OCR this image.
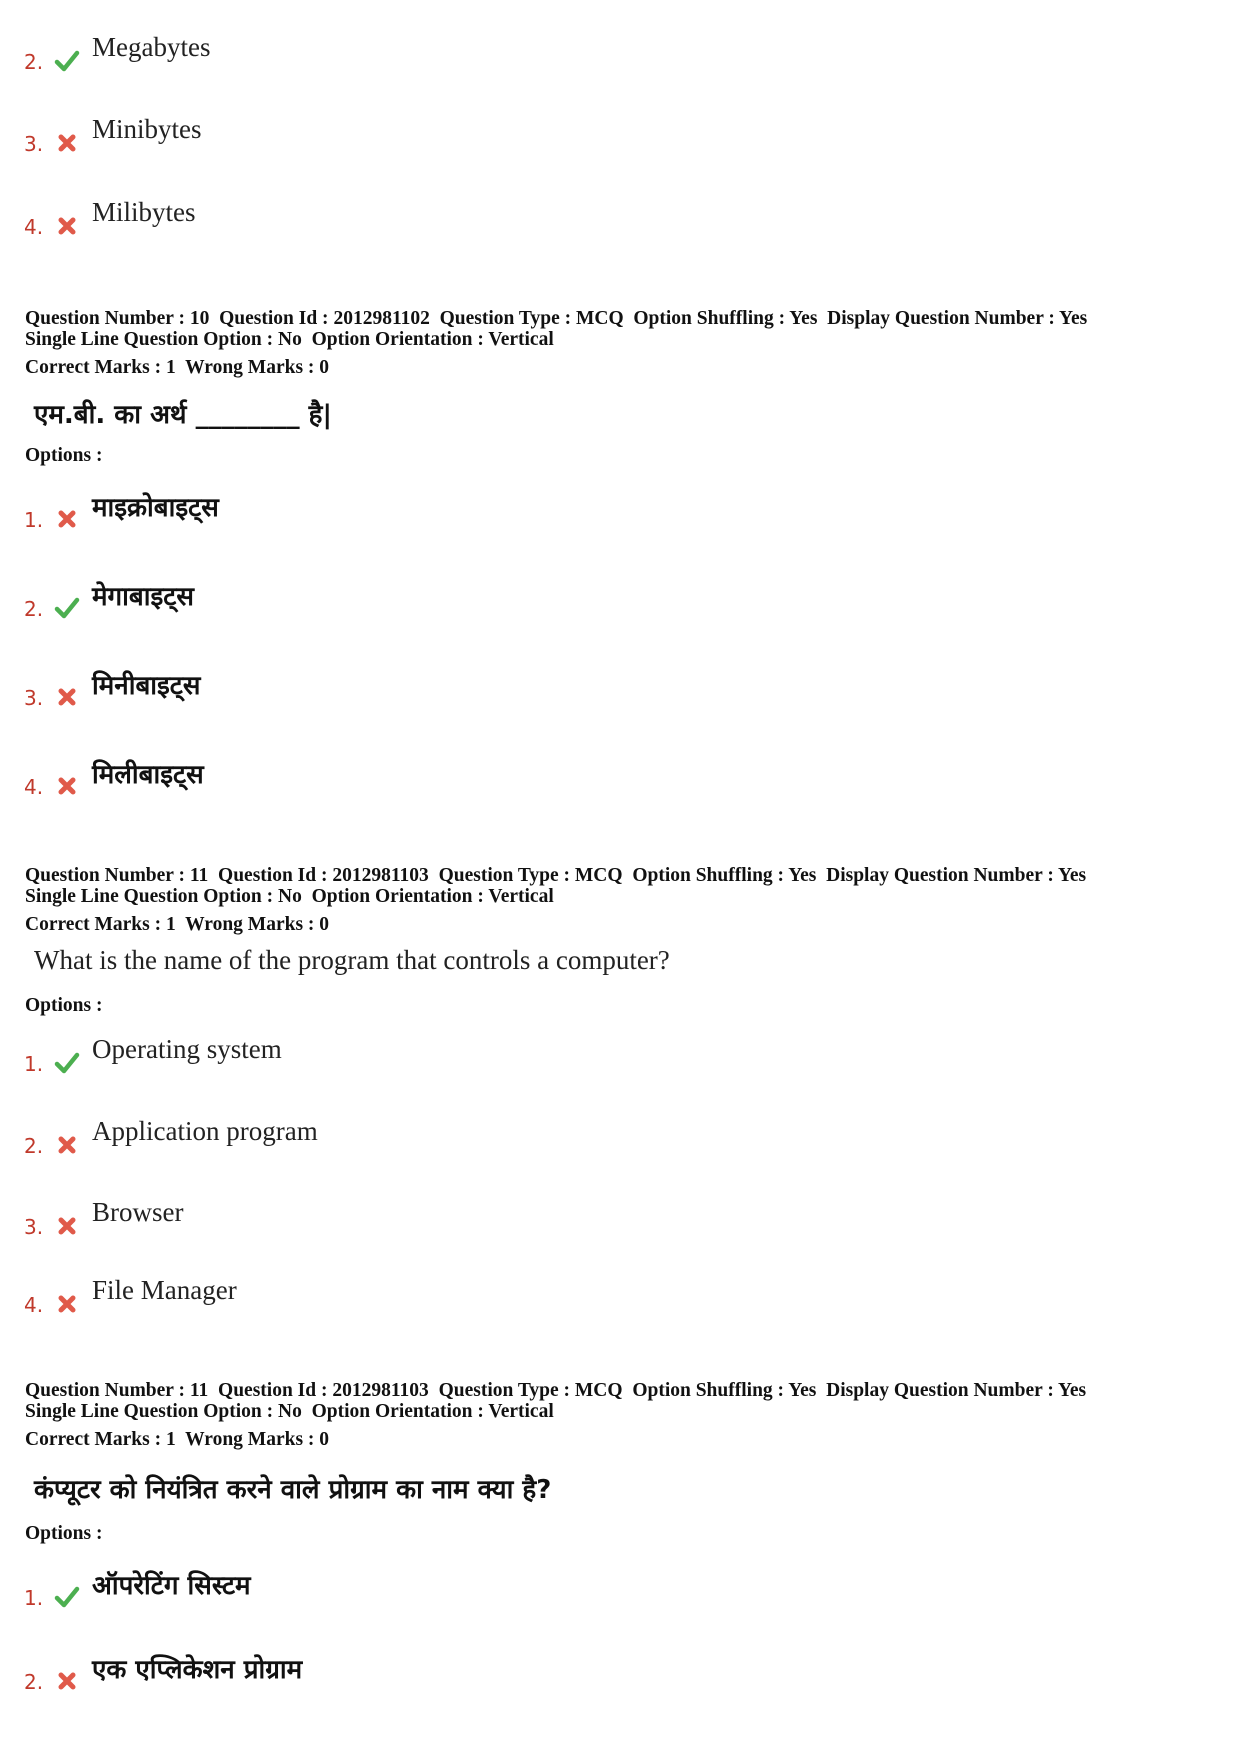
2. Megabytes
3. Minibytes
4. Milibytes
Question Number : 10 Question Id : 2012981102 Question Type : MCQ Option Shuffling : Yes Display Question Number : Yes
Single Line Question Option : No Option Orientation : Vertical
Correct Marks : 1 Wrong Marks : 0
एम.बी. का अर्थ ________ है|
Options :
1. माइक्रोबाइट्स
2. मेगाबाइट्स
3. मिनीबाइट्स
4. मिलीबाइट्स
Question Number : 11 Question Id : 2012981103 Question Type : MCQ Option Shuffling : Yes Display Question Number : Yes
Single Line Question Option : No Option Orientation : Vertical
Correct Marks : 1 Wrong Marks : 0
What is the name of the program that controls a computer?
Options :
1. Operating system
2. Application program
3. Browser
4. File Manager
Question Number : 11 Question Id : 2012981103 Question Type : MCQ Option Shuffling : Yes Display Question Number : Yes
Single Line Question Option : No Option Orientation : Vertical
Correct Marks : 1 Wrong Marks : 0
कंप्यूटर को नियंत्रित करने वाले प्रोग्राम का नाम क्या है?
Options :
1. ऑपरेटिंग सिस्टम
2. एक एप्लिकेशन प्रोग्राम
